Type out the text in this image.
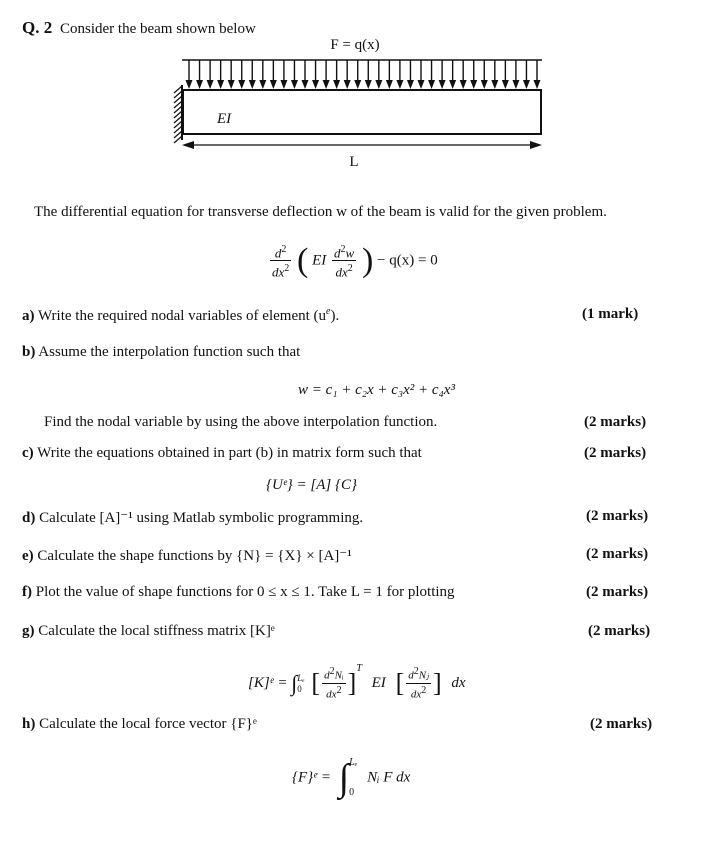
Q. 2 Consider the beam shown below
F = q(x)
EI
L
The differential equation for transverse deflection w of the beam is valid for the given problem.
$\frac{d^2}{dx^2}$ ( EI $\frac{d^2w}{dx^2}$ ) − q(x) = 0
a) Write the required nodal variables of element $(u^e)$.	(1 mark)
b) Assume the interpolation function such that
w = c₁ + c₂x + c₃x² + c₄x³
Find the nodal variable by using the above interpolation function.	(2 marks)
c) Write the equations obtained in part (b) in matrix form such that	(2 marks)
{Uᵉ} = [A] {C}
d) Calculate [A]⁻¹ using Matlab symbolic programming.	(2 marks)
e) Calculate the shape functions by {N} = {X} × [A]⁻¹	(2 marks)
f) Plot the value of shape functions for 0 ≤ x ≤ 1. Take L = 1 for plotting	(2 marks)
g) Calculate the local stiffness matrix [K]ᵉ	(2 marks)
[K]ᵉ = ∫ Lₑ
0 [ $\frac{d^2Nᵢ}{dx^2} ]^T$ EI [ $\frac{d^2Nⱼ}{dx^2}$ ] dx
h) Calculate the local force vector {F}ᵉ	(2 marks)
{F}ᵉ = ∫ Lₑ
0
Nᵢ F dx
